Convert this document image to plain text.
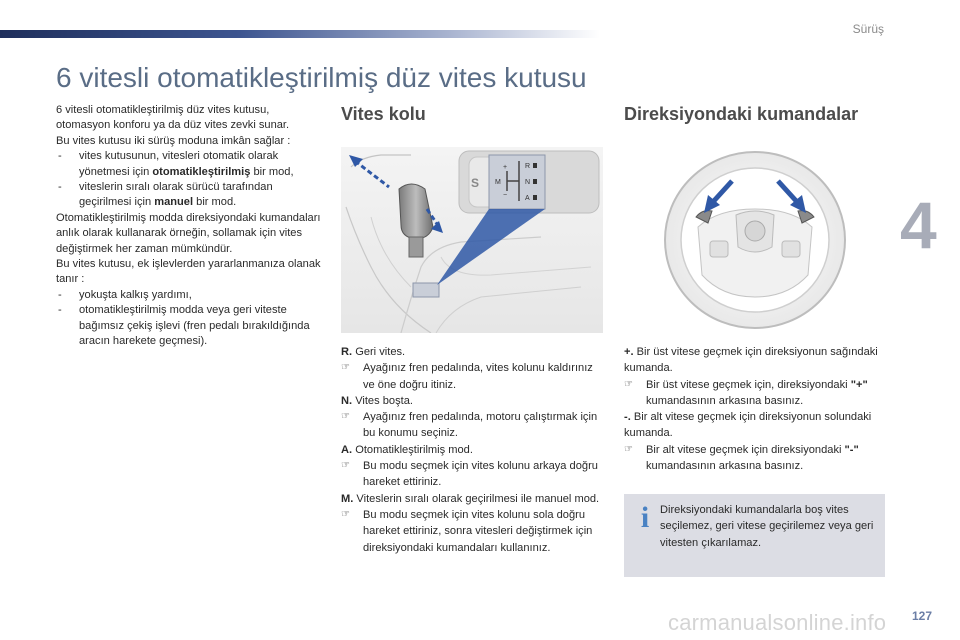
Sürüş
4
6 vitesli otomatikleştirilmiş düz vites kutusu

6 vitesli otomatikleştirilmiş düz vites kutusu, otomasyon konforu ya da düz vites zevki sunar.

Bu vites kutusu iki sürüş moduna imkân sağlar :

- vites kutusunun, vitesleri otomatik olarak yönetmesi için otomatikleştirilmiş bir mod,

- viteslerin sıralı olarak sürücü tarafından geçirilmesi için manuel bir mod.

Otomatikleştirilmiş modda direksiyondaki kumandaları anlık olarak kullanarak örneğin, sollamak için vites değiştirmek her zaman mümkündür.

Bu vites kutusu, ek işlevlerden yararlanmanıza olanak tanır :

- yokuşta kalkış yardımı,

- otomatikleştirilmiş modda veya geri viteste bağımsız çekiş işlevi (fren pedalı bırakıldığında aracın harekete geçmesi).

Vites kolu
S
+
−
M
R
N
A
Direksiyondaki kumandalar

R. Geri vites.

☞ Ayağınız fren pedalında, vites kolunu kaldırınız ve öne doğru itiniz.

N. Vites boşta.

☞ Ayağınız fren pedalında, motoru çalıştırmak için bu konumu seçiniz.

A. Otomatikleştirilmiş mod.

☞ Bu modu seçmek için vites kolunu arkaya doğru hareket ettiriniz.

M. Viteslerin sıralı olarak geçirilmesi ile manuel mod.

☞ Bu modu seçmek için vites kolunu sola doğru hareket ettiriniz, sonra vitesleri değiştirmek için direksiyondaki kumandaları kullanınız.

+. Bir üst vitese geçmek için direksiyonun sağındaki kumanda.

☞ Bir üst vitese geçmek için, direksiyondaki "+" kumandasının arkasına basınız.

-. Bir alt vitese geçmek için direksiyonun solundaki kumanda.

☞ Bir alt vitese geçmek için direksiyondaki "-" kumandasının arkasına basınız.

i Direksiyondaki kumandalarla boş vites seçilemez, geri vitese geçirilemez veya geri vitesten çıkarılamaz.
carmanualsonline.info 127
